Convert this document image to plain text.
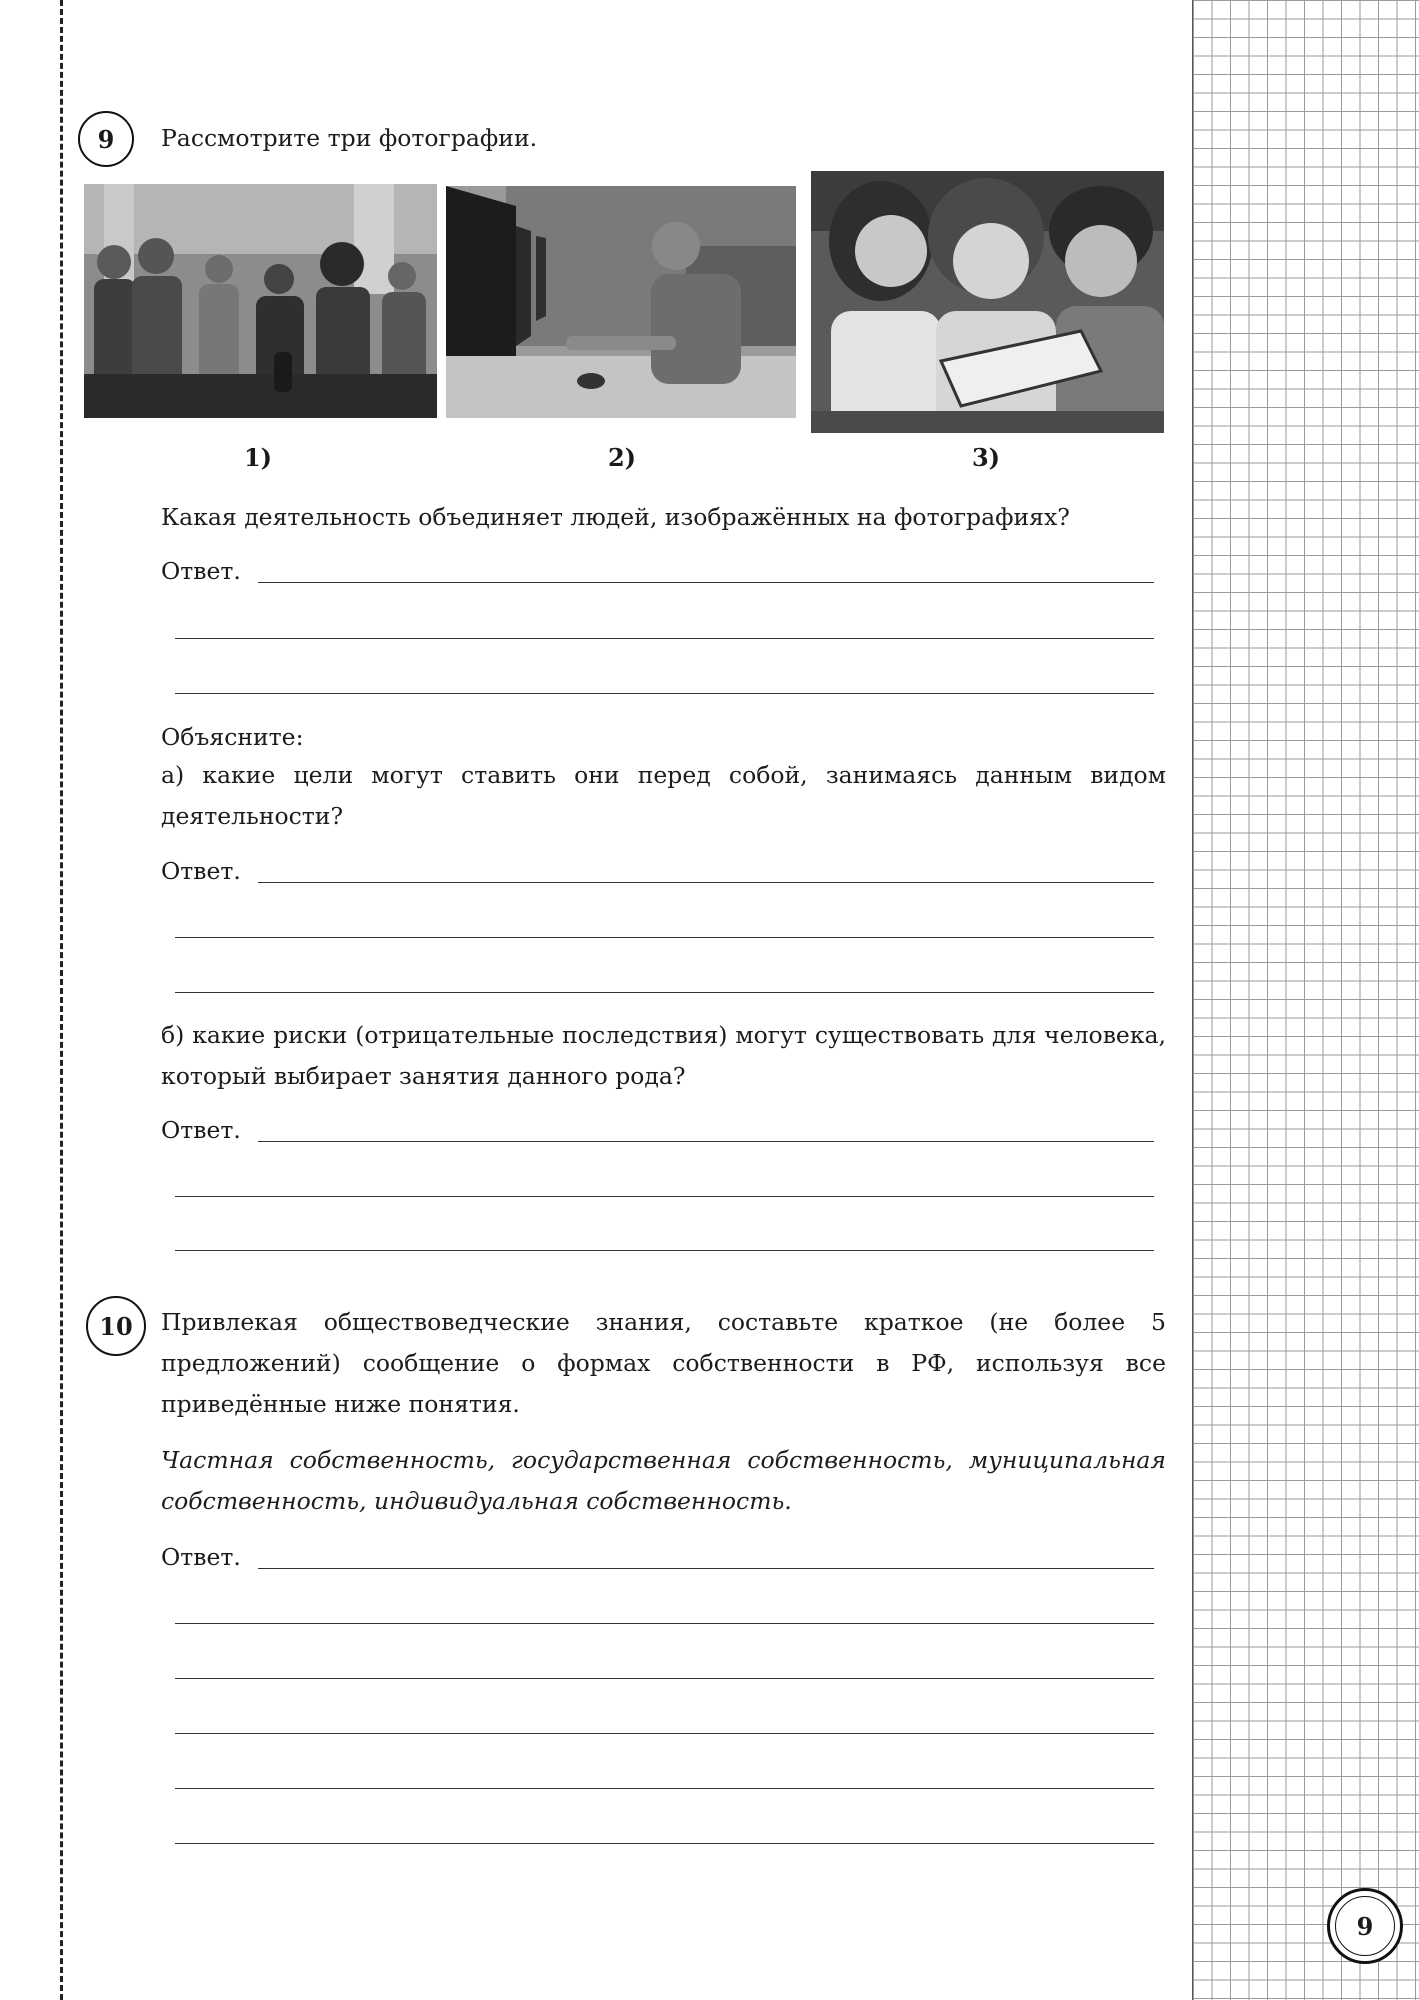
9	Рассмотрите три фотографии.
1)	2)	3)
Какая деятельность объединяет людей, изображённых на фотографиях?
Ответ.
Объясните:
а) какие цели могут ставить они перед собой, занимаясь данным видом деятельности?
Ответ.
б) какие риски (отрицательные последствия) могут существовать для человека, который выбирает занятия данного рода?
Ответ.
10	Привлекая обществоведческие знания, составьте краткое (не более 5 предложений) сообщение о формах собственности в РФ, используя все приведённые ниже понятия.
Частная собственность, государственная собственность, муниципальная собственность, индивидуальная собственность.
Ответ.
9
